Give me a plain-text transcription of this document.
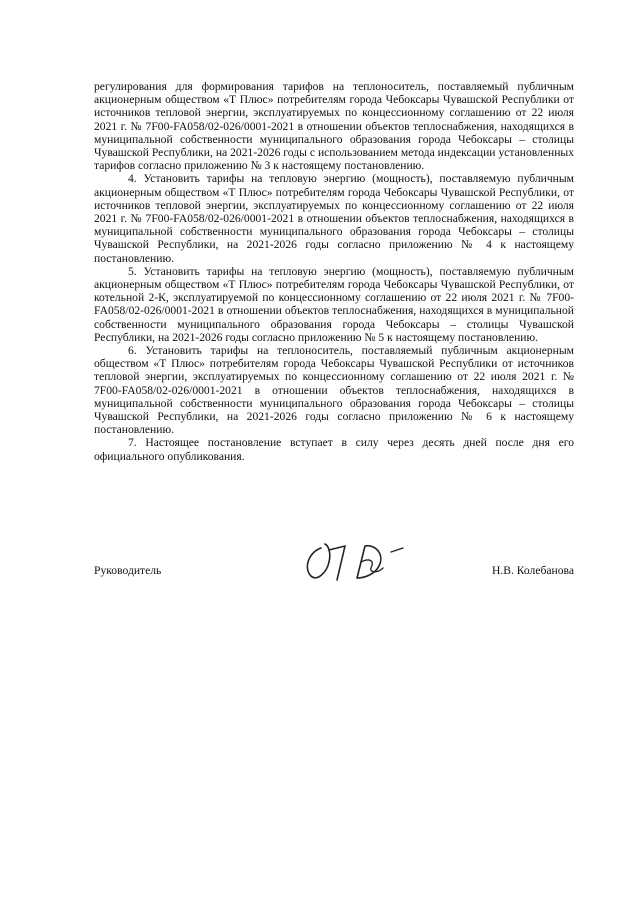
регулирования для формирования тарифов на теплоноситель, поставляемый публичным акционерным обществом «Т Плюс» потребителям города Чебоксары Чувашской Республики от источников тепловой энергии, эксплуатируемых по концессионному соглашению от 22 июля 2021 г. № 7F00-FA058/02-026/0001-2021 в отношении объектов теплоснабжения, находящихся в муниципальной собственности муниципального образования города Чебоксары – столицы Чувашской Республики, на 2021-2026 годы с использованием метода индексации установленных тарифов согласно приложению № 3 к настоящему постановлению.

4. Установить тарифы на тепловую энергию (мощность), поставляемую публичным акционерным обществом «Т Плюс» потребителям города Чебоксары Чувашской Республики, от источников тепловой энергии, эксплуатируемых по концессионному соглашению от 22 июля 2021 г. № 7F00-FA058/02-026/0001-2021 в отношении объектов теплоснабжения, находящихся в муниципальной собственности муниципального образования города Чебоксары – столицы Чувашской Республики, на 2021-2026 годы согласно приложению № 4 к настоящему постановлению.

5. Установить тарифы на тепловую энергию (мощность), поставляемую публичным акционерным обществом «Т Плюс» потребителям города Чебоксары Чувашской Республики, от котельной 2-К, эксплуатируемой по концессионному соглашению от 22 июля 2021 г. № 7F00-FA058/02-026/0001-2021 в отношении объектов теплоснабжения, находящихся в муниципальной собственности муниципального образования города Чебоксары – столицы Чувашской Республики, на 2021-2026 годы согласно приложению № 5 к настоящему постановлению.

6. Установить тарифы на теплоноситель, поставляемый публичным акционерным обществом «Т Плюс» потребителям города Чебоксары Чувашской Республики от источников тепловой энергии, эксплуатируемых по концессионному соглашению от 22 июля 2021 г. № 7F00-FA058/02-026/0001-2021 в отношении объектов теплоснабжения, находящихся в муниципальной собственности муниципального образования города Чебоксары – столицы Чувашской Республики, на 2021-2026 годы согласно приложению № 6 к настоящему постановлению.

7. Настоящее постановление вступает в силу через десять дней после дня его официального опубликования.

Руководитель	Н.В. Колебанова
